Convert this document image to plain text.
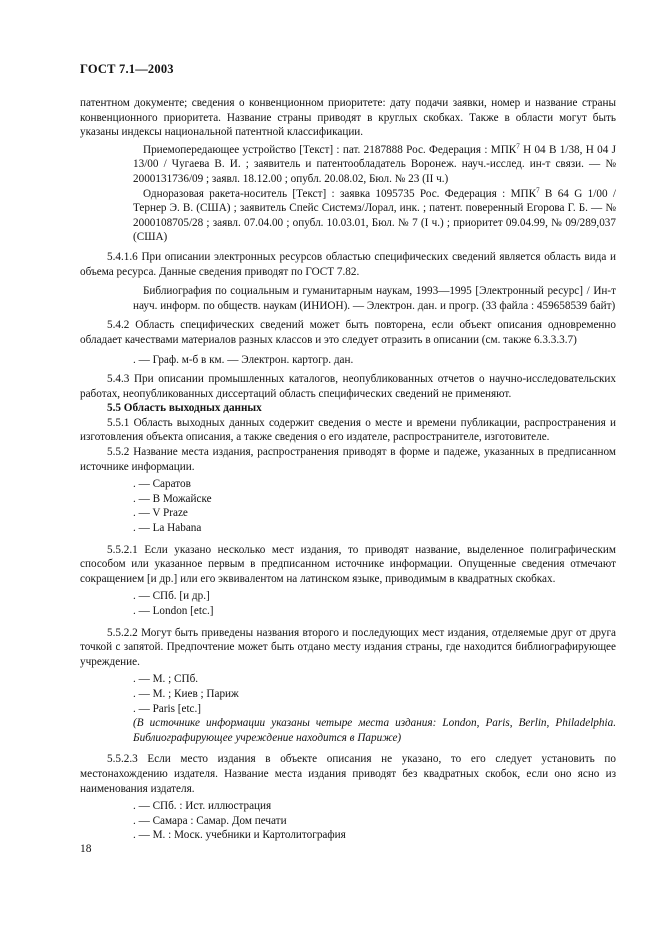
ГОСТ 7.1—2003

патентном документе; сведения о конвенционном приоритете: дату подачи заявки, номер и название страны конвенционного приоритета. Название страны приводят в круглых скобках. Также в области могут быть указаны индексы национальной патентной классификации.

Приемопередающее устройство [Текст] : пат. 2187888 Рос. Федерация : МПК$^7$ Н 04 В 1/38, Н 04 J 13/00 / Чугаева В. И. ; заявитель и патентообладатель Воронеж. науч.-исслед. ин-т связи. — № 2000131736/09 ; заявл. 18.12.00 ; опубл. 20.08.02, Бюл. № 23 (II ч.)

Одноразовая ракета-носитель [Текст] : заявка 1095735 Рос. Федерация : МПК$^7$ В 64 G 1/00 / Тернер Э. В. (США) ; заявитель Спейс Системз/Лорал, инк. ; патент. поверенный Егорова Г. Б. — № 2000108705/28 ; заявл. 07.04.00 ; опубл. 10.03.01, Бюл. № 7 (I ч.) ; приоритет 09.04.99, № 09/289,037 (США)

5.4.1.6 При описании электронных ресурсов областью специфических сведений является область вида и объема ресурса. Данные сведения приводят по ГОСТ 7.82.

Библиография по социальным и гуманитарным наукам, 1993—1995 [Электронный ресурс] / Ин-т науч. информ. по обществ. наукам (ИНИОН). — Электрон. дан. и прогр. (33 файла : 459658539 байт)

5.4.2 Область специфических сведений может быть повторена, если объект описания одновременно обладает качествами материалов разных классов и это следует отразить в описании (см. также 6.3.3.3.7)

. — Граф. м-б в км. — Электрон. картогр. дан.

5.4.3 При описании промышленных каталогов, неопубликованных отчетов о научно-исследовательских работах, неопубликованных диссертаций область специфических сведений не применяют.

5.5 Область выходных данных

5.5.1 Область выходных данных содержит сведения о месте и времени публикации, распространения и изготовления объекта описания, а также сведения о его издателе, распространителе, изготовителе.

5.5.2 Название места издания, распространения приводят в форме и падеже, указанных в предписанном источнике информации.

. — Саратов

. — В Можайске

. — V Praze

. — La Habana

5.5.2.1 Если указано несколько мест издания, то приводят название, выделенное полиграфическим способом или указанное первым в предписанном источнике информации. Опущенные сведения отмечают сокращением [и др.] или его эквивалентом на латинском языке, приводимым в квадратных скобках.

. — СПб. [и др.]

. — London [etc.]

5.5.2.2 Могут быть приведены названия второго и последующих мест издания, отделяемые друг от друга точкой с запятой. Предпочтение может быть отдано месту издания страны, где находится библиографирующее учреждение.

. — М. ; СПб.

. — М. ; Киев ; Париж

. — Paris [etc.]

(В источнике информации указаны четыре места издания: London, Paris, Berlin, Philadelphia. Библиографирующее учреждение находится в Париже)

5.5.2.3 Если место издания в объекте описания не указано, то его следует установить по местонахождению издателя. Название места издания приводят без квадратных скобок, если оно ясно из наименования издателя.

. — СПб. : Ист. иллюстрация

. — Самара : Самар. Дом печати

. — М. : Моск. учебники и Картолитография

18
